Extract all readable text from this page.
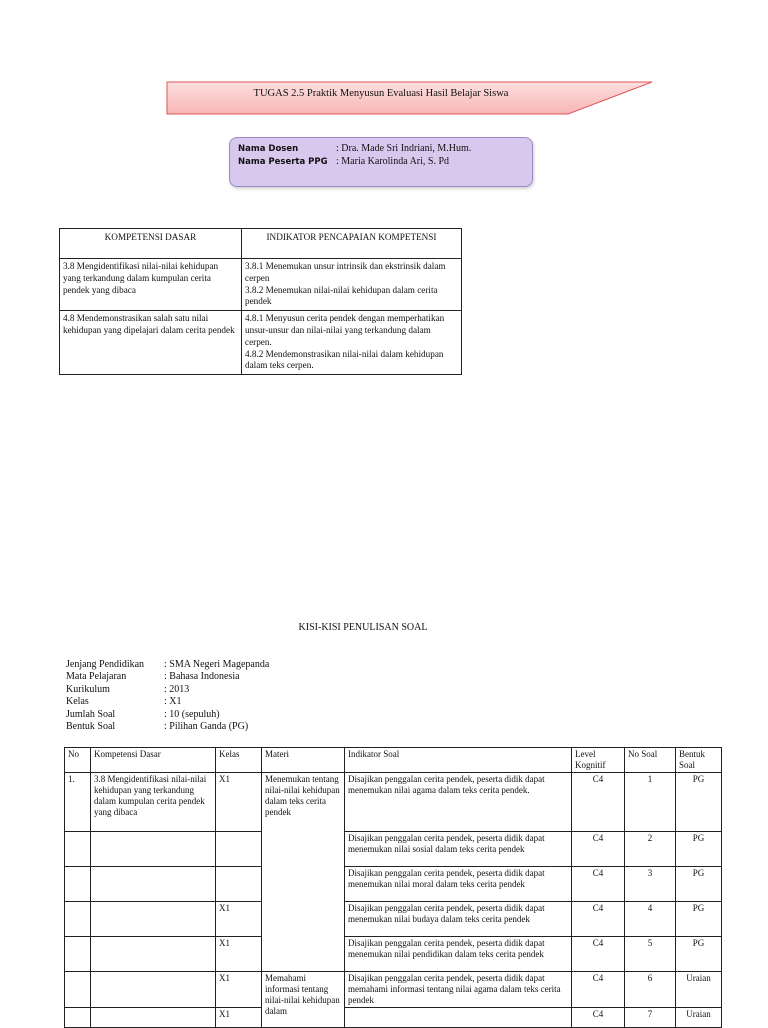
TUGAS 2.5 Praktik Menyusun Evaluasi Hasil Belajar Siswa
Nama Dosen	: Dra. Made Sri Indriani, M.Hum.
Nama Peserta PPG : Maria Karolinda Ari, S. Pd
KOMPETENSI DASAR	INDIKATOR PENCAPAIAN KOMPETENSI
3.8 Mengidentifikasi nilai-nilai kehidupan yang terkandung dalam kumpulan cerita pendek yang dibaca	3.8.1 Menemukan unsur intrinsik dan ekstrinsik dalam cerpen
3.8.2 Menemukan nilai-nilai kehidupan dalam cerita pendek

4.8 Mendemonstrasikan salah satu nilai kehidupan yang dipelajari dalam cerita pendek	4.8.1 Menyusun cerita pendek dengan memperhatikan unsur-unsur dan nilai-nilai yang terkandung dalam cerpen.
4.8.2 Mendemonstrasikan nilai-nilai dalam kehidupan dalam teks cerpen.
KISI-KISI PENULISAN SOAL
Jenjang Pendidikan	: SMA Negeri Magepanda
Mata Pelajaran	: Bahasa Indonesia
Kurikulum	: 2013
Kelas	: X1
Jumlah Soal	: 10 (sepuluh)
Bentuk Soal	: Pilihan Ganda (PG)
No	Kompetensi Dasar	Kelas	Materi	Indikator Soal	Level Kognitif	No Soal	Bentuk Soal
1.	3.8 Mengidentifikasi nilai-nilai kehidupan yang terkandung dalam kumpulan cerita pendek yang dibaca	X1	Menemukan tentang nilai-nilai kehidupan dalam teks cerita pendek	Disajikan penggalan cerita pendek, peserta didik dapat menemukan nilai agama dalam teks cerita pendek.	C4	1	PG
				Disajikan penggalan cerita pendek, peserta didik dapat menemukan nilai sosial dalam teks cerita pendek	C4	2	PG
				Disajikan penggalan cerita pendek, peserta didik dapat menemukan nilai moral dalam teks cerita pendek	C4	3	PG
		X1		Disajikan penggalan cerita pendek, peserta didik dapat menemukan nilai budaya dalam teks cerita pendek	C4	4	PG
		X1		Disajikan penggalan cerita pendek, peserta didik dapat menemukan nilai pendidikan dalam teks cerita pendek	C4	5	PG
		X1	Memahami informasi tentang nilai-nilai kehidupan dalam	Disajikan penggalan cerita pendek, peserta didik dapat memahami informasi tentang nilai agama dalam teks cerita pendek	C4	6	Uraian
		X1			C4	7	Uraian
